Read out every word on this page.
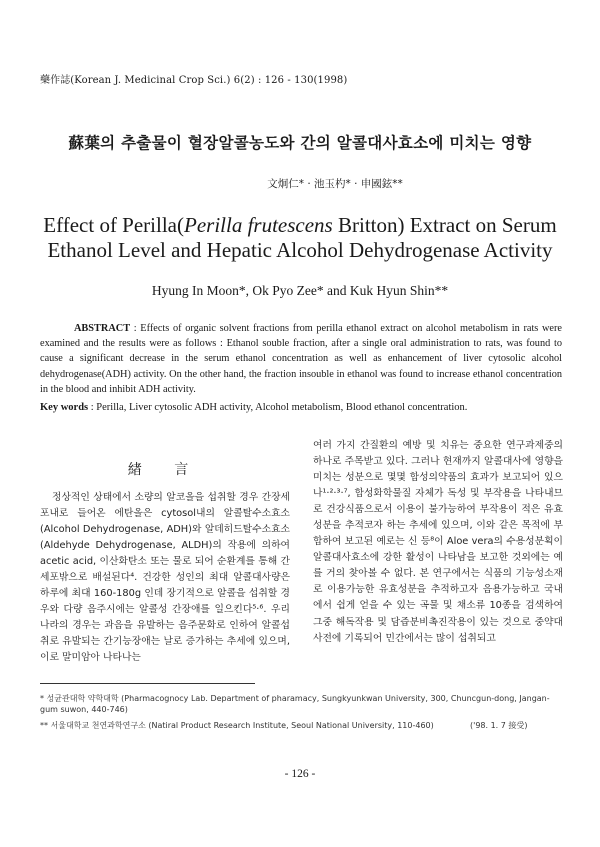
藥作誌(Korean J. Medicinal Crop Sci.) 6(2) : 126 - 130(1998)
蘇葉의 추출물이 혈장알콜농도와 간의 알콜대사효소에 미치는 영향
文炯仁* · 池玉杓* · 申國鉉**
Effect of Perilla(Perilla frutescens Britton) Extract on Serum
Ethanol Level and Hepatic Alcohol Dehydrogenase Activity
Hyung In Moon*, Ok Pyo Zee* and Kuk Hyun Shin**
ABSTRACT : Effects of organic solvent fractions from perilla ethanol extract on alcohol metabolism in rats were examined and the results were as follows : Ethanol souble fraction, after a single oral administration to rats, was found to cause a significant decrease in the serum ethanol concentration as well as enhancement of liver cytosolic alcohol dehydrogenase(ADH) activity. On the other hand, the fraction insouble in ethanol was found to increase ethanol concentration in the blood and inhibit ADH activity.
Key words : Perilla, Liver cytosolic ADH activity, Alcohol metabolism, Blood ethanol concentration.
緖 言

정상적인 상태에서 소량의 알코올을 섭취할 경우 간장세포내로 들어온 에탄올은 cytosol내의 알콜탈수소효소(Alcohol Dehydrogenase, ADH)와 알데히드탈수소효소(Aldehyde Dehydrogenase, ALDH)의 작용에 의하여 acetic acid, 이산화탄소 또는 물로 되어 순환계를 통해 간세포밖으로 배설된다⁴. 건강한 성인의 최대 알콜대사량은 하루에 최대 160-180g 인데 장기적으로 알콜을 섭취할 경우와 다량 음주시에는 알콜성 간장애를 일으킨다⁵·⁶. 우리나라의 경우는 과음을 유발하는 음주문화로 인하여 알콜섭취로 유발되는 간기능장애는 날로 증가하는 추세에 있으며, 이로 말미암아 나타나는

여러 가지 간질환의 예방 및 치유는 중요한 연구과제중의 하나로 주목받고 있다. 그러나 현재까지 알콜대사에 영향을 미치는 성분으로 몇몇 합성의약품의 효과가 보고되어 있으나¹·²·³·⁷, 합성화학물질 자체가 독성 및 부작용을 나타내므로 건강식품으로서 이용이 불가능하여 부작용이 적은 유효성분을 추적코자 하는 추세에 있으며, 이와 같은 목적에 부합하여 보고된 예로는 신 등⁸이 Aloe vera의 수용성분획이 알콜대사효소에 강한 활성이 나타남을 보고한 것외에는 예를 거의 찾아볼 수 없다. 본 연구에서는 식품의 기능성소재로 이용가능한 유효성분을 추적하고자 음용가능하고 국내에서 쉽게 얻을 수 있는 곡물 및 채소류 10종을 검색하여 그중 해독작용 및 담즙분비촉진작용이 있는 것으로 중약대사전에 기록되어 민간에서는 많이 섭취되고

* 성균관대학 약학대학 (Pharmacognocy Lab. Department of pharamacy, Sungkyunkwan University, 300, Chuncgun-dong, Jangan-gum suwon, 440-746)
** 서울대학교 천연과학연구소 (Natiral Product Research Institute, Seoul National University, 110-460)	('98. 1. 7 接受)
- 126 -
